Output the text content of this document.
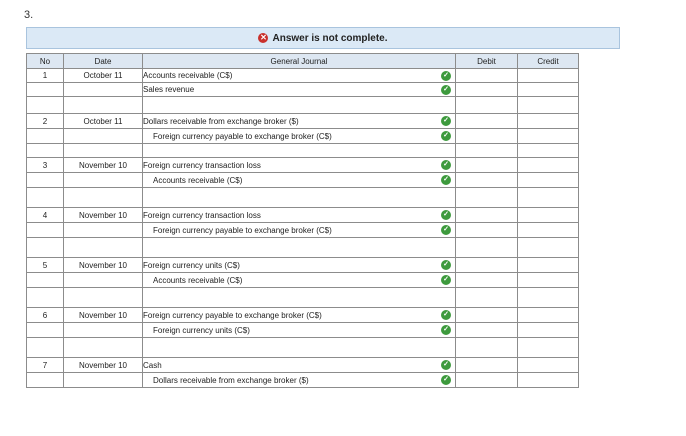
3.
✕ Answer is not complete.
No	Date	General Journal	Debit	Credit
1	October 11	Accounts receivable (C$) ✓		

		Sales revenue ✓		

2	October 11	Dollars receivable from exchange broker ($) ✓		

		Foreign currency payable to exchange broker (C$) ✓		

3	November 10	Foreign currency transaction loss ✓		

		Accounts receivable (C$) ✓		

4	November 10	Foreign currency transaction loss ✓		

		Foreign currency payable to exchange broker (C$) ✓		

5	November 10	Foreign currency units (C$) ✓		

		Accounts receivable (C$) ✓		

6	November 10	Foreign currency payable to exchange broker (C$) ✓		

		Foreign currency units (C$) ✓		

7	November 10	Cash ✓		

		Dollars receivable from exchange broker ($) ✓		
